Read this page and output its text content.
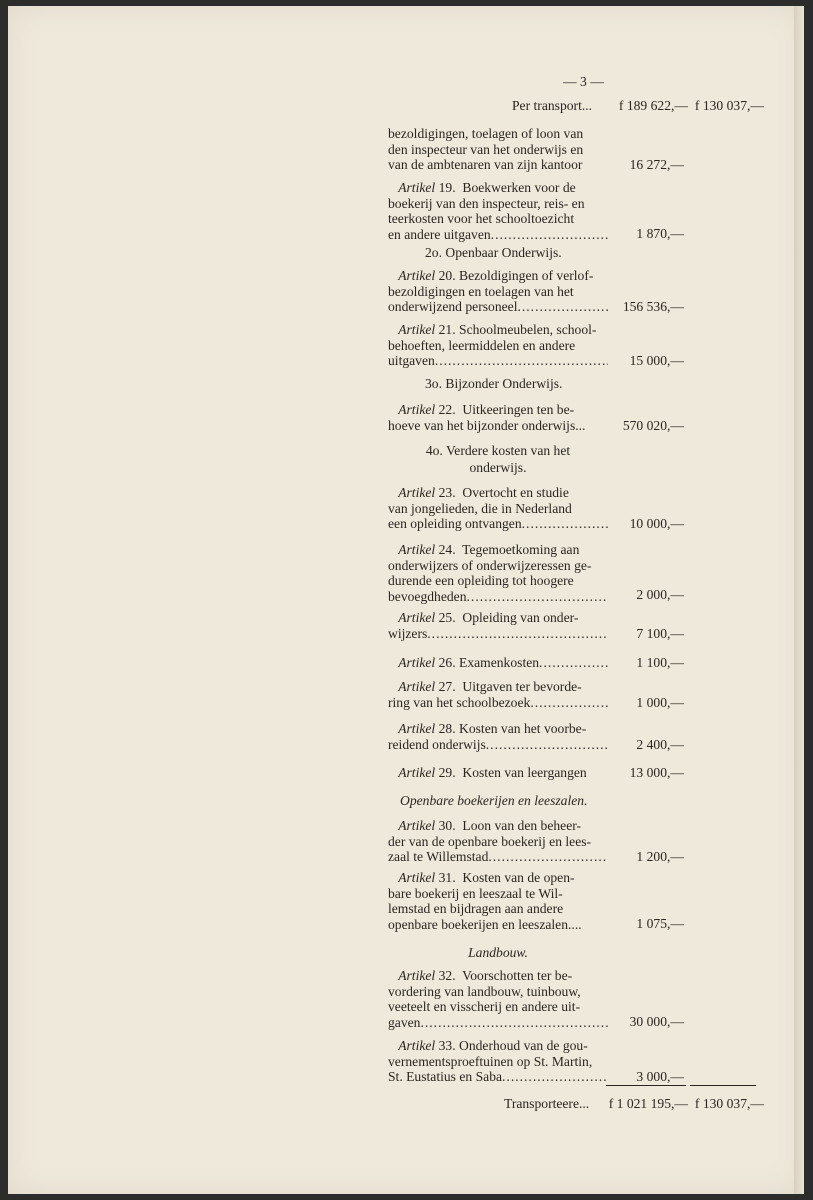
— 3 —
Per transport...	f 189 622,— f 130 037,—
bezoldigingen, toelagen of loon van
den inspecteur van het onderwijs en
van de ambtenaren van zijn kantoor	16 272,—
Artikel 19. Boekwerken voor de
boekerij van den inspecteur, reis- en
teerkosten voor het schooltoezicht
en andere uitgaven .....	1 870,—
2o. Openbaar Onderwijs.
Artikel 20. Bezoldigingen of verlof-
bezoldigingen en toelagen van het
onderwijzend personeel .....	156 536,—
Artikel 21. Schoolmeubelen, school-
behoeften, leermiddelen en andere
uitgaven .....	15 000,—
3o. Bijzonder Onderwijs.
Artikel 22. Uitkeeringen ten be-
hoeve van het bijzonder onderwijs...	570 020,—
4o. Verdere kosten van het
onderwijs.
Artikel 23. Overtocht en studie
van jongelieden, die in Nederland
een opleiding ontvangen .....	10 000,—
Artikel 24. Tegemoetkoming aan
onderwijzers of onderwijzeressen ge-
durende een opleiding tot hoogere
bevoegdheden .....	2 000,—
Artikel 25. Opleiding van onder-
wijzers .....	7 100,—
Artikel 26. Examenkosten .....	1 100,—
Artikel 27. Uitgaven ter bevorde-
ring van het schoolbezoek .....	1 000,—
Artikel 28. Kosten van het voorbe-
reidend onderwijs .....	2 400,—
Artikel 29. Kosten van leergangen	13 000,—
Openbare boekerijen en leeszalen.
Artikel 30. Loon van den beheer-
der van de openbare boekerij en lees-
zaal te Willemstad .....	1 200,—
Artikel 31. Kosten van de open-
bare boekerij en leeszaal te Wil-
lemstad en bijdragen aan andere
openbare boekerijen en leeszalen....	1 075,—
Landbouw.
Artikel 32. Voorschotten ter be-
vordering van landbouw, tuinbouw,
veeteelt en visscherij en andere uit-
gaven .....	30 000,—
Artikel 33. Onderhoud van de gou-
vernementsproeftuinen op St. Martin,
St. Eustatius en Saba .....	3 000,—
Transporteere...	f 1 021 195,— f 130 037,—
